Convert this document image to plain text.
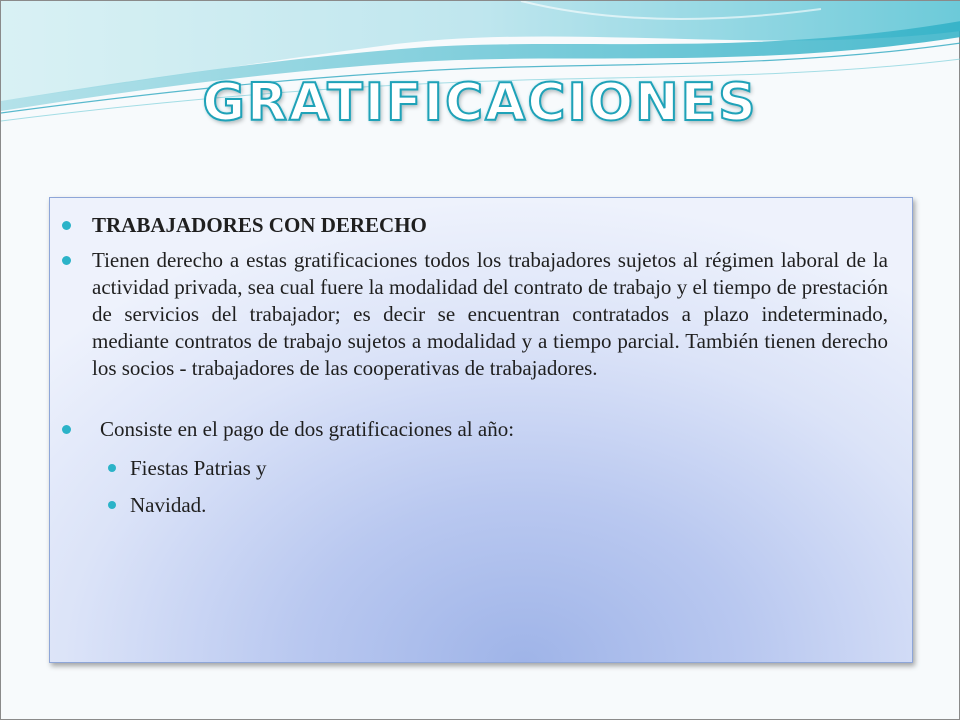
GRATIFICACIONES
TRABAJADORES CON DERECHO
Tienen derecho a estas gratificaciones todos los trabajadores sujetos al régimen laboral de la actividad privada, sea cual fuere la modalidad del contrato de trabajo y el tiempo de prestación de servicios del trabajador; es decir se encuentran contratados a plazo indeterminado, mediante contratos de trabajo sujetos a modalidad y a tiempo parcial. También tienen derecho los socios - trabajadores de las cooperativas de trabajadores.
Consiste en el pago de dos gratificaciones al año:
Fiestas Patrias y
Navidad.
